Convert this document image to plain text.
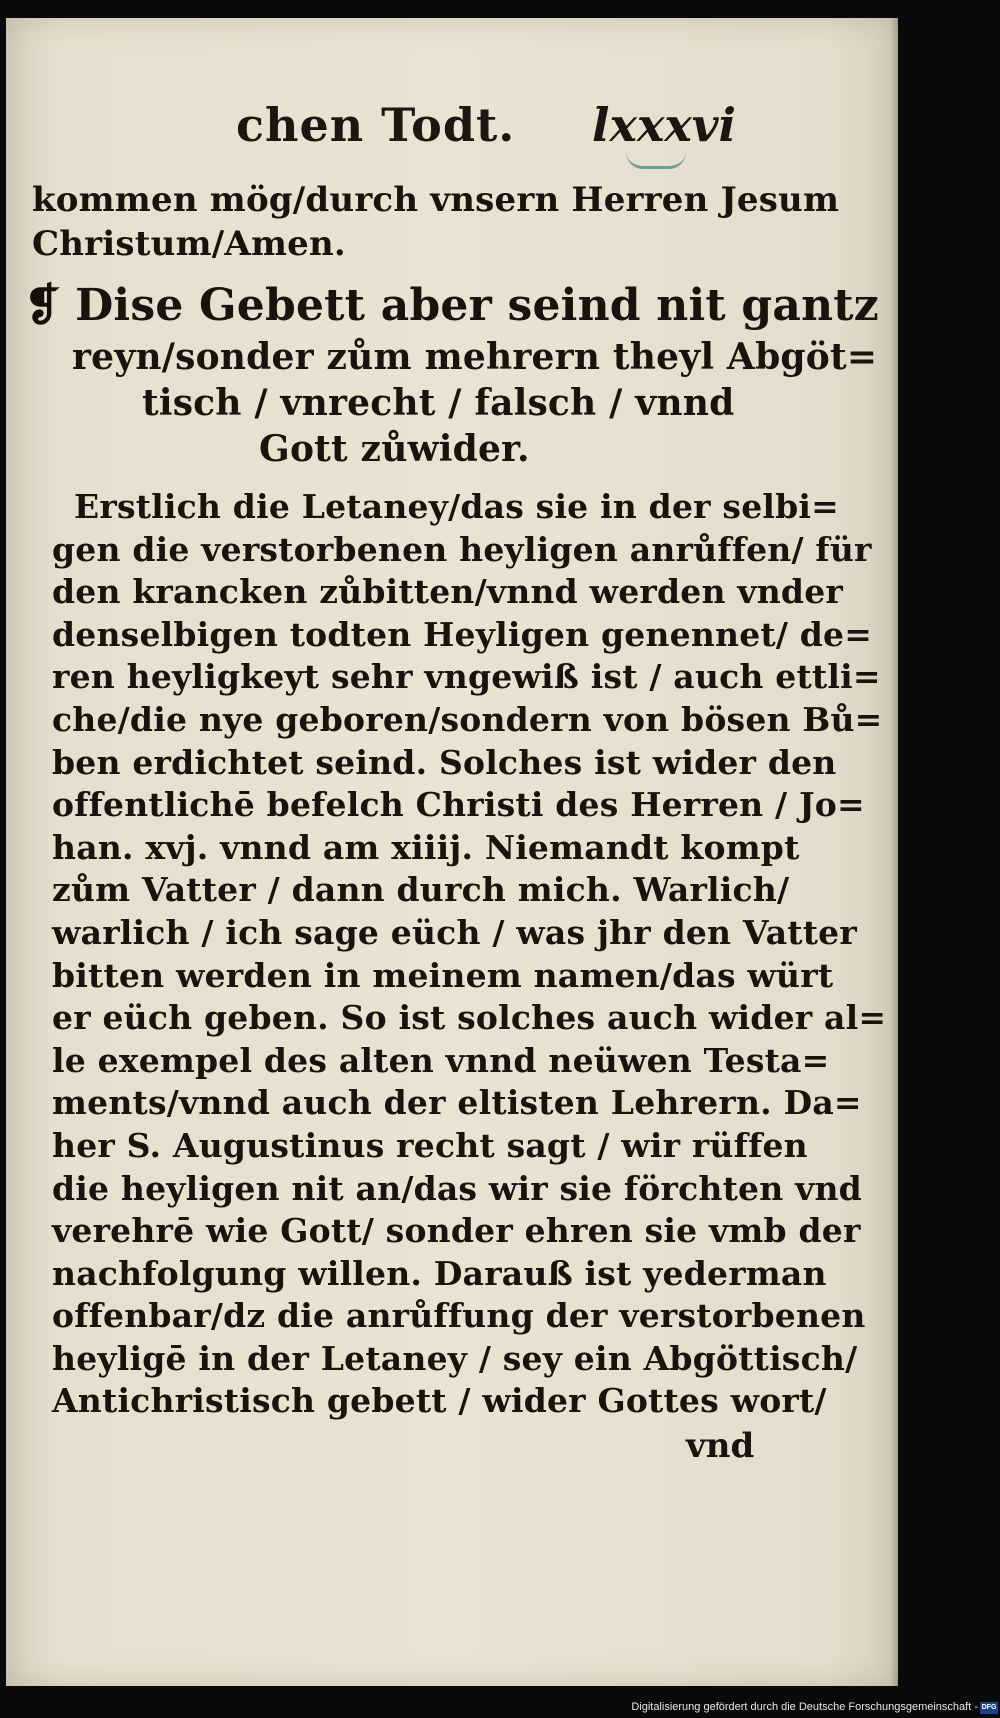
chen Todt. lxxxvi
kommen mög/durch vnsern Herren Jesum
Christum/Amen.
❡ Dise Gebett aber seind nit gantz
reyn/sonder zům mehrern theyl Abgöt=
tisch / vnrecht / falsch / vnnd
Gott zůwider.
Erstlich die Letaney/das sie in der selbi=
gen die verstorbenen heyligen anrůffen/ für
den krancken zůbitten/vnnd werden vnder
denselbigen todten Heyligen genennet/ de=
ren heyligkeyt sehr vngewiß ist / auch ettli=
che/die nye geboren/sondern von bösen Bů=
ben erdichtet seind. Solches ist wider den
offentlichē befelch Christi des Herren / Jo=
han. xvj. vnnd am xiiij. Niemandt kompt
zům Vatter / dann durch mich. Warlich/
warlich / ich sage eüch / was jhr den Vatter
bitten werden in meinem namen/das würt
er eüch geben. So ist solches auch wider al=
le exempel des alten vnnd neüwen Testa=
ments/vnnd auch der eltisten Lehrern. Da=
her S. Augustinus recht sagt / wir rüffen
die heyligen nit an/das wir sie förchten vnd
verehrē wie Gott/ sonder ehren sie vmb der
nachfolgung willen. Darauß ist yederman
offenbar/dz die anrůffung der verstorbenen
heyligē in der Letaney / sey ein Abgöttisch/
Antichristisch gebett / wider Gottes wort/
vnd
Digitalisierung gefördert durch die Deutsche Forschungsgemeinschaft - DFG
